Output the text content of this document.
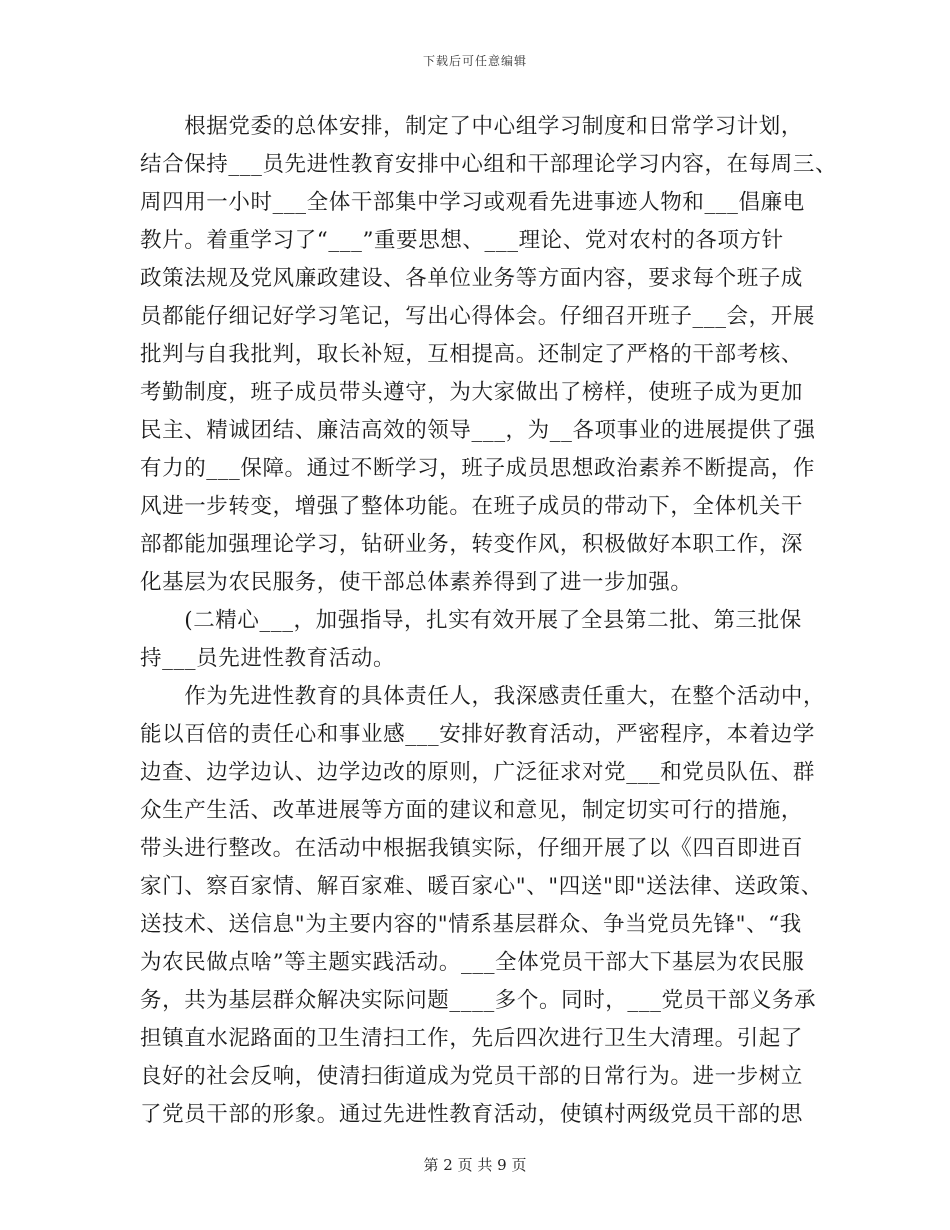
下载后可任意编辑
　　根据党委的总体安排，制定了中心组学习制度和日常学习计划，
结合保持___员先进性教育安排中心组和干部理论学习内容，在每周三、
周四用一小时___全体干部集中学习或观看先进事迹人物和___倡廉电
教片。着重学习了“___”重要思想、___理论、党对农村的各项方针
政策法规及党风廉政建设、各单位业务等方面内容，要求每个班子成
员都能仔细记好学习笔记，写出心得体会。仔细召开班子___会，开展
批判与自我批判，取长补短，互相提高。还制定了严格的干部考核、
考勤制度，班子成员带头遵守，为大家做出了榜样，使班子成为更加
民主、精诚团结、廉洁高效的领导___，为__各项事业的进展提供了强
有力的___保障。通过不断学习，班子成员思想政治素养不断提高，作
风进一步转变，增强了整体功能。在班子成员的带动下，全体机关干
部都能加强理论学习，钻研业务，转变作风，积极做好本职工作，深
化基层为农民服务，使干部总体素养得到了进一步加强。
　　(二精心___，加强指导，扎实有效开展了全县第二批、第三批保
持___员先进性教育活动。
　　作为先进性教育的具体责任人，我深感责任重大，在整个活动中，
能以百倍的责任心和事业感___安排好教育活动，严密程序，本着边学
边查、边学边认、边学边改的原则，广泛征求对党___和党员队伍、群
众生产生活、改革进展等方面的建议和意见，制定切实可行的措施，
带头进行整改。在活动中根据我镇实际，仔细开展了以《四百即进百
家门、察百家情、解百家难、暖百家心"、"四送"即"送法律、送政策、
送技术、送信息"为主要内容的"情系基层群众、争当党员先锋"、“我
为农民做点啥”等主题实践活动。___全体党员干部大下基层为农民服
务，共为基层群众解决实际问题____多个。同时，___党员干部义务承
担镇直水泥路面的卫生清扫工作，先后四次进行卫生大清理。引起了
良好的社会反响，使清扫街道成为党员干部的日常行为。进一步树立
了党员干部的形象。通过先进性教育活动，使镇村两级党员干部的思
第 2 页 共 9 页
